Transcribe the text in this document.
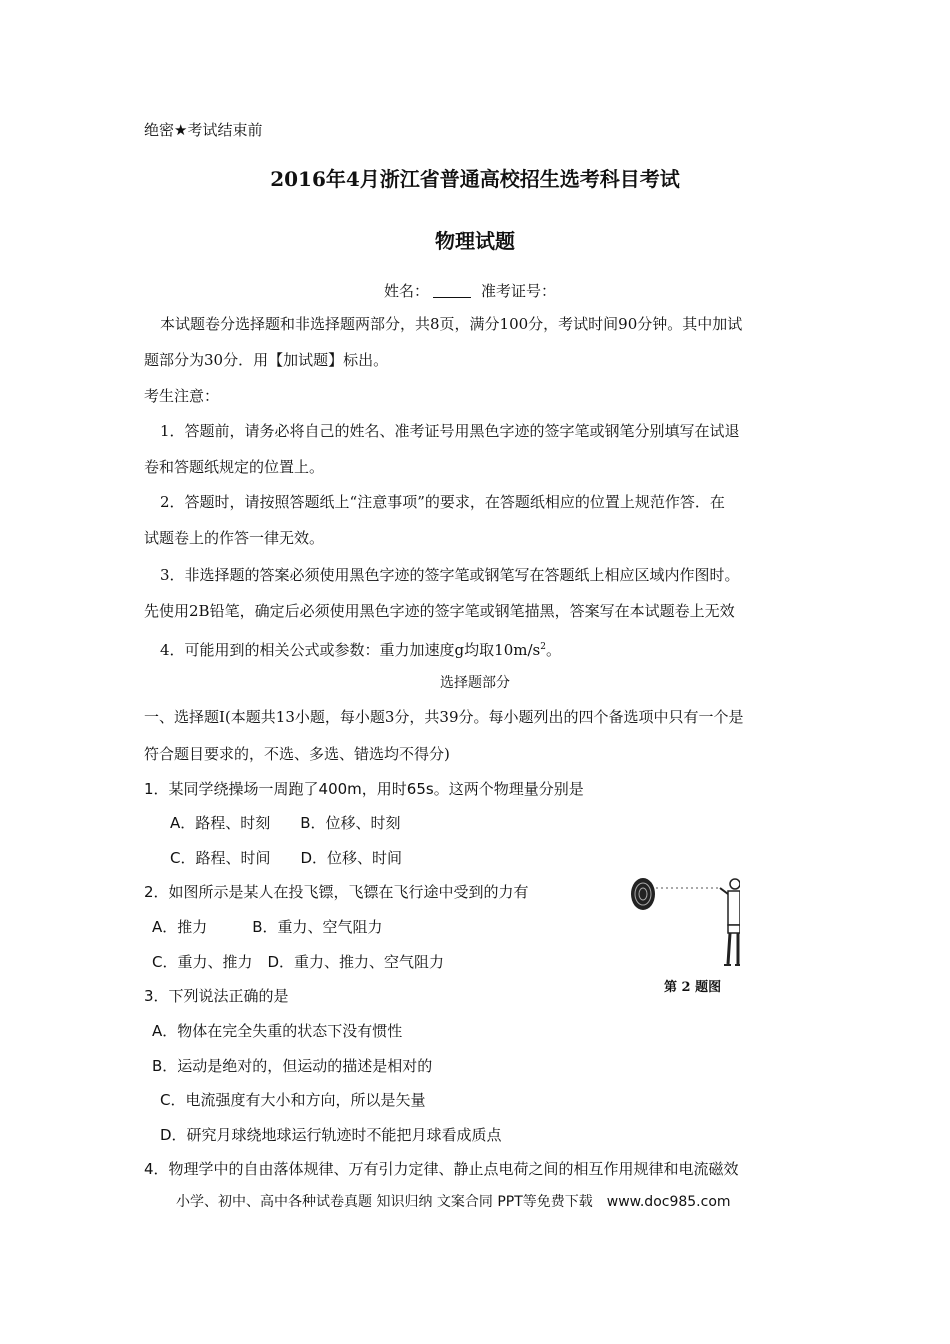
绝密★考试结束前
2016年4月浙江省普通高校招生选考科目考试
物理试题
姓名：	准考证号：
本试题卷分选择题和非选择题两部分，共8页，满分100分，考试时间90分钟。其中加试
题部分为30分．用【加试题】标出。
考生注意：
1．答题前，请务必将自己的姓名、准考证号用黑色字迹的签字笔或钢笔分别填写在试退
卷和答题纸规定的位置上。
2．答题时，请按照答题纸上“注意事项”的要求，在答题纸相应的位置上规范作答．在
试题卷上的作答一律无效。
3．非选择题的答案必须使用黑色字迹的签字笔或钢笔写在答题纸上相应区域内作图时。
先使用2B铅笔，确定后必须使用黑色字迹的签字笔或钢笔描黑，答案写在本试题卷上无效
4．可能用到的相关公式或参数：重力加速度g均取$10m/s^2$。
选择题部分
一、选择题I(本题共13小题，每小题3分，共39分。每小题列出的四个备选项中只有一个是
符合题目要求的，不选、多选、错选均不得分)
1．某同学绕操场一周跑了400m，用时65s。这两个物理量分别是
A．路程、时刻　　B．位移、时刻
C．路程、时间　　D．位移、时间
2．如图所示是某人在投飞镖，飞镖在飞行途中受到的力有
A．推力　　　B．重力、空气阻力
C．重力、推力　D．重力、推力、空气阻力
第 2 题图
3．下列说法正确的是
A．物体在完全失重的状态下没有惯性
B．运动是绝对的，但运动的描述是相对的
C．电流强度有大小和方向，所以是矢量
D．研究月球绕地球运行轨迹时不能把月球看成质点
4．物理学中的自由落体规律、万有引力定律、静止点电荷之间的相互作用规律和电流磁效
小学、初中、高中各种试卷真题 知识归纳 文案合同 PPT等免费下载　www.doc985.com
